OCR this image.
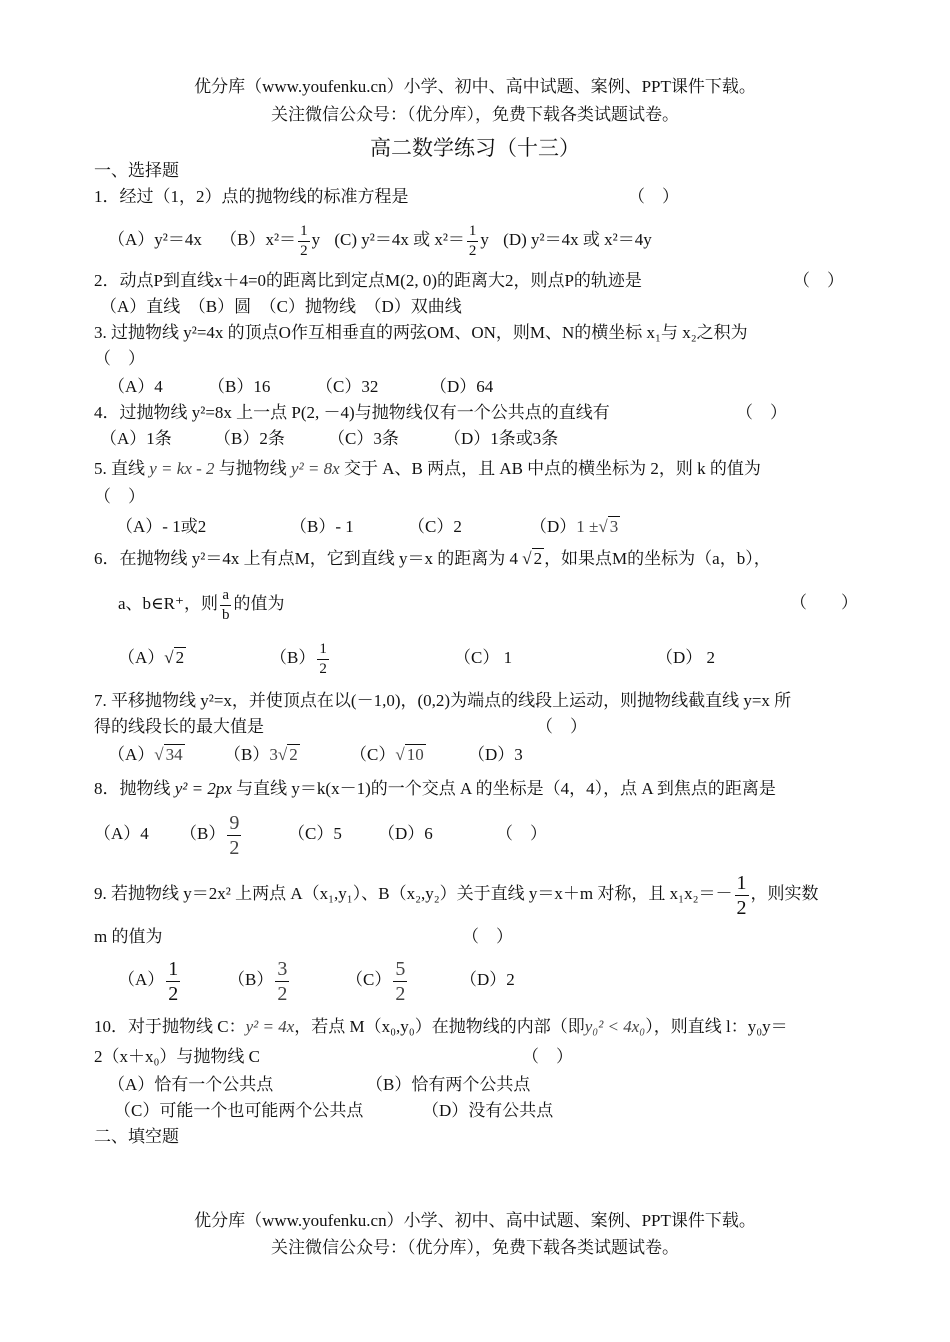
优分库（www.youfenku.cn）小学、初中、高中试题、案例、PPT课件下载。
关注微信公众号：（优分库），免费下载各类试题试卷。
高二数学练习（十三）
一、选择题
1．经过（1，2）点的抛物线的标准方程是	（　）
（A）y²＝4x $(B)x^2= \frac{1}{2}$ y (C) y²＝4x 或 $x^2= \frac{1}{2}$ y (D) y²＝4x 或 x²＝4y
2．动点P到直线x＋4=0的距离比到定点M(2, 0)的距离大2，则点P的轨迹是	（　）
（A）直线　（B）圆　（C）抛物线　（D）双曲线
3. 过抛物线 y²=4x 的顶点O作互相垂直的两弦OM、ON，则M、N的横坐标 x₁与 x₂之积为
（　）
（A）4	（B）16	（C）32	（D）64
4．过抛物线 y²=8x 上一点 P(2, －4)与抛物线仅有一个公共点的直线有	（　）
（A）1条 （B）2条	（C）3条	（D）1条或3条
5. 直线 y = kx - 2 与抛物线 y² = 8x 交于 A、B 两点，且 AB 中点的横坐标为 2，则 k 的值为
（　）
（A）- 1或2	（B）- 1	（C）2	（D）1 ±√ 3
6．在抛物线 y²＝4x 上有点M，它到直线 y＝x 的距离为 4 √ 2 ，如果点M的坐标为（a，b），
a、b∈R⁺，则 $\frac{a}{b}$ 的值为	（　　）
（A）√ 2	$(B) \frac{1}{2}$	（C） 1	（D） 2
7. 平移抛物线 y²=x，并使顶点在以(－1,0)，(0,2)为端点的线段上运动，则抛物线截直线 y=x 所
得的线段长的最大值是	（　）
（A）√ 34 （B）3√ 2	（C）√ 10	（D）3
8．抛物线 y² = 2px 与直线 y＝k(x－1)的一个交点 A 的坐标是（4，4），点 A 到焦点的距离是
（A）4 $(B) \frac{9}{2}$	（C）5 （D）6	（　）
9. 若抛物线 y＝2x² 上两点 A（x₁,y₁）、B（x₂,y₂）关于直线 y＝x＋m 对称，且 $x_1x_2=- \frac{1}{2}$ ，则实数
m 的值为	（　）
$(A) \frac{1}{2}$	$(B) \frac{3}{2}$	$(C) \frac{5}{2}$	（D）2
10．对于抛物线 C：y² = 4x，若点 M（x₀,y₀）在抛物线的内部（即y₀² < 4x₀），则直线 l：y₀y＝
2（x＋x₀）与抛物线 C	（　）
（A）恰有一个公共点	（B）恰有两个公共点
（C）可能一个也可能两个公共点	（D）没有公共点
二、填空题
优分库（www.youfenku.cn）小学、初中、高中试题、案例、PPT课件下载。
关注微信公众号：（优分库），免费下载各类试题试卷。
